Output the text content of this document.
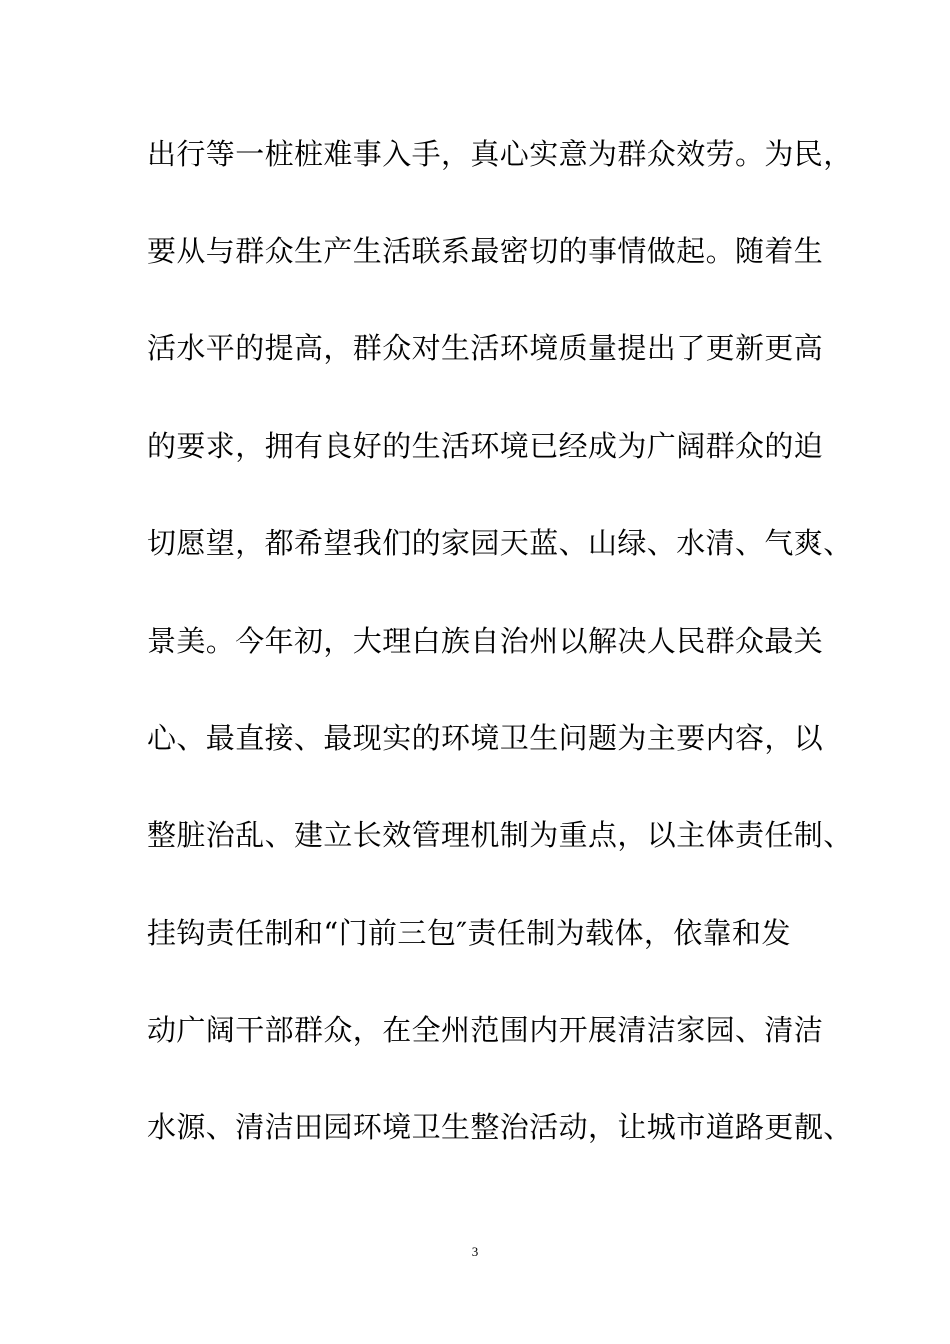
出行等一桩桩难事入手，真心实意为群众效劳。为民，
要从与群众生产生活联系最密切的事情做起。随着生
活水平的提高，群众对生活环境质量提出了更新更高
的要求，拥有良好的生活环境已经成为广阔群众的迫
切愿望，都希望我们的家园天蓝、山绿、水清、气爽、
景美。今年初，大理白族自治州以解决人民群众最关
心、最直接、最现实的环境卫生问题为主要内容，以
整脏治乱、建立长效管理机制为重点，以主体责任制、
挂钩责任制和“门前三包″责任制为载体，依靠和发
动广阔干部群众，在全州范围内开展清洁家园、清洁
水源、清洁田园环境卫生整治活动，让城市道路更靓、
3
